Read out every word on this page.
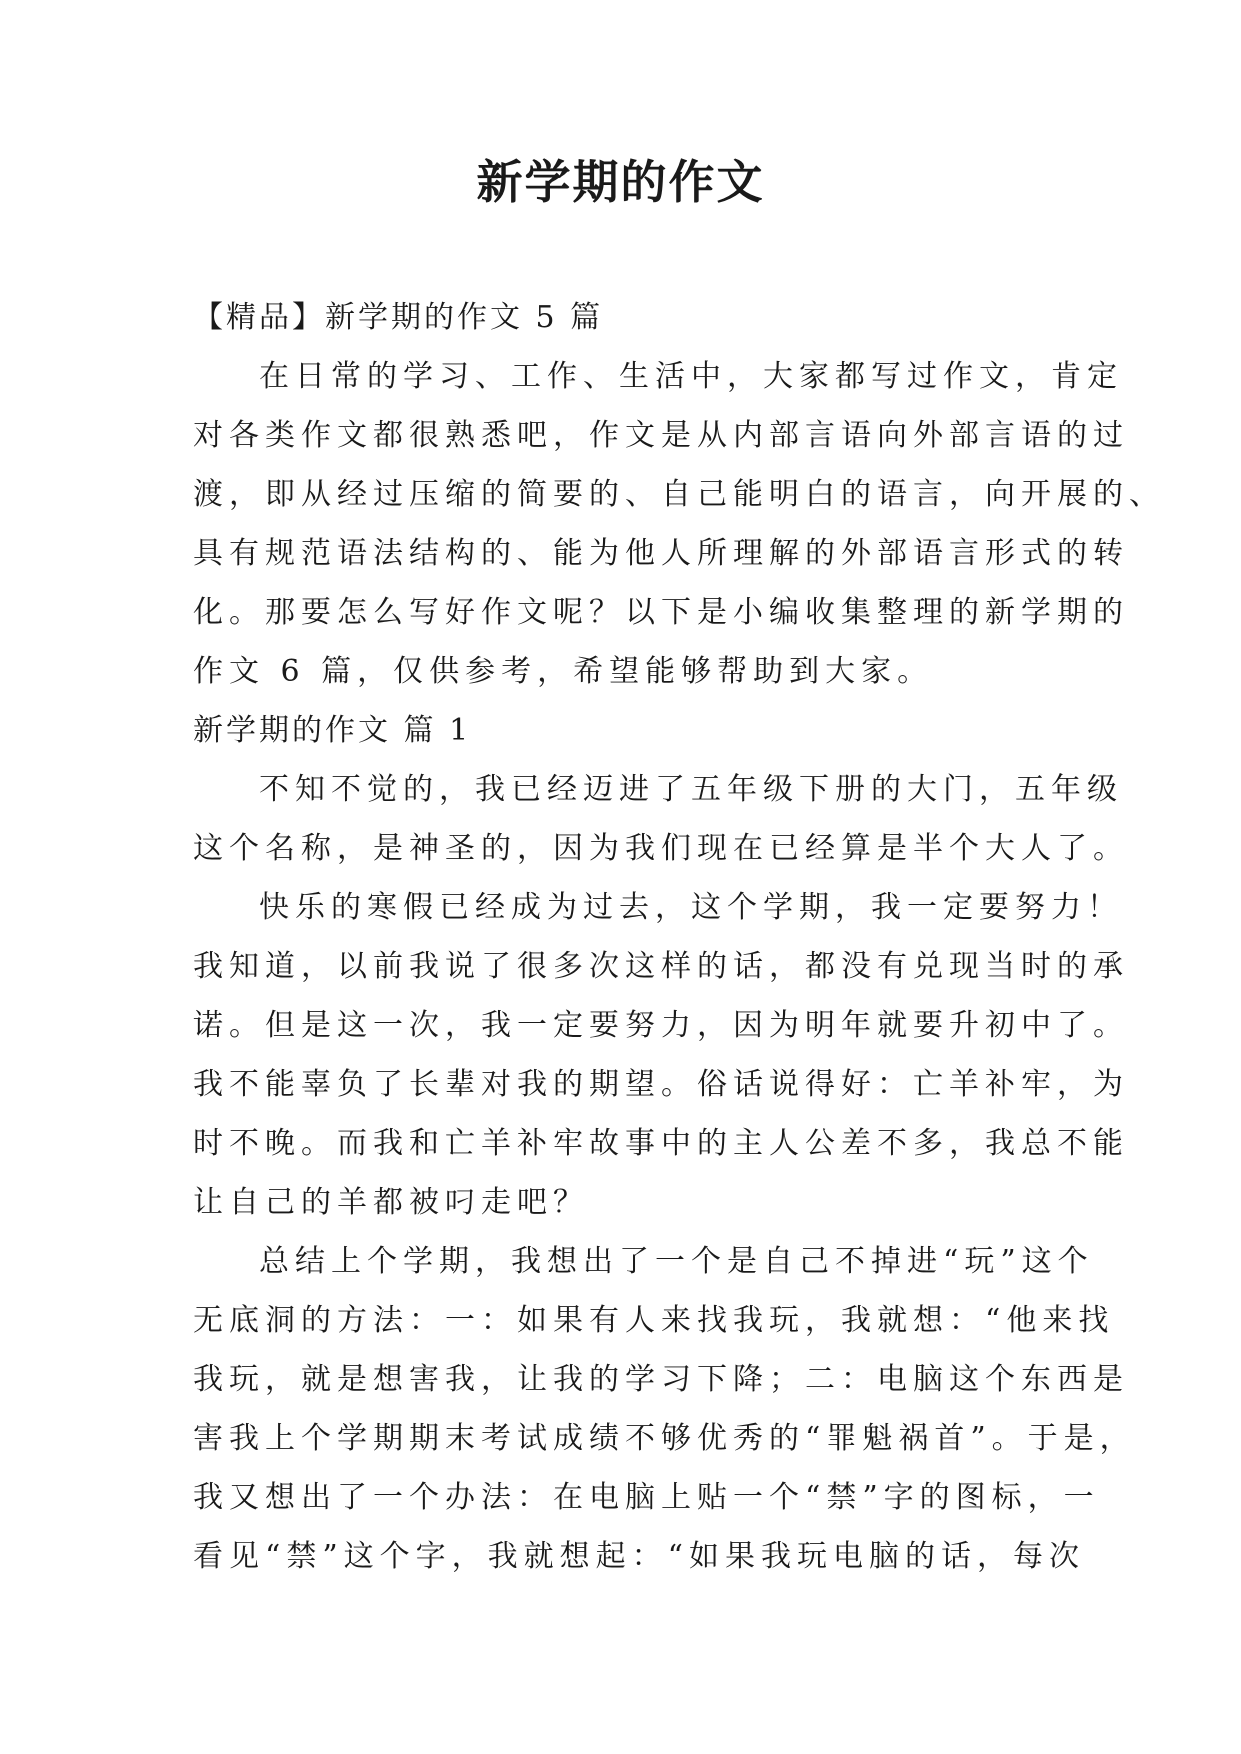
新学期的作文

【精品】新学期的作文 5 篇

在日常的学习、工作、生活中，大家都写过作文，肯定

对各类作文都很熟悉吧，作文是从内部言语向外部言语的过

渡，即从经过压缩的简要的、自己能明白的语言，向开展的、

具有规范语法结构的、能为他人所理解的外部语言形式的转

化。那要怎么写好作文呢？以下是小编收集整理的新学期的

作文 6 篇，仅供参考，希望能够帮助到大家。

新学期的作文 篇 1

不知不觉的，我已经迈进了五年级下册的大门，五年级

这个名称，是神圣的，因为我们现在已经算是半个大人了。

快乐的寒假已经成为过去，这个学期，我一定要努力！

我知道，以前我说了很多次这样的话，都没有兑现当时的承

诺。但是这一次，我一定要努力，因为明年就要升初中了。

我不能辜负了长辈对我的期望。俗话说得好：亡羊补牢，为

时不晚。而我和亡羊补牢故事中的主人公差不多，我总不能

让自己的羊都被叼走吧？

总结上个学期，我想出了一个是自己不掉进“玩”这个

无底洞的方法：一：如果有人来找我玩，我就想：“他来找

我玩，就是想害我，让我的学习下降；二：电脑这个东西是

害我上个学期期末考试成绩不够优秀的“罪魁祸首”。于是，

我又想出了一个办法：在电脑上贴一个“禁”字的图标，一

看见“禁”这个字，我就想起：“如果我玩电脑的话，每次
